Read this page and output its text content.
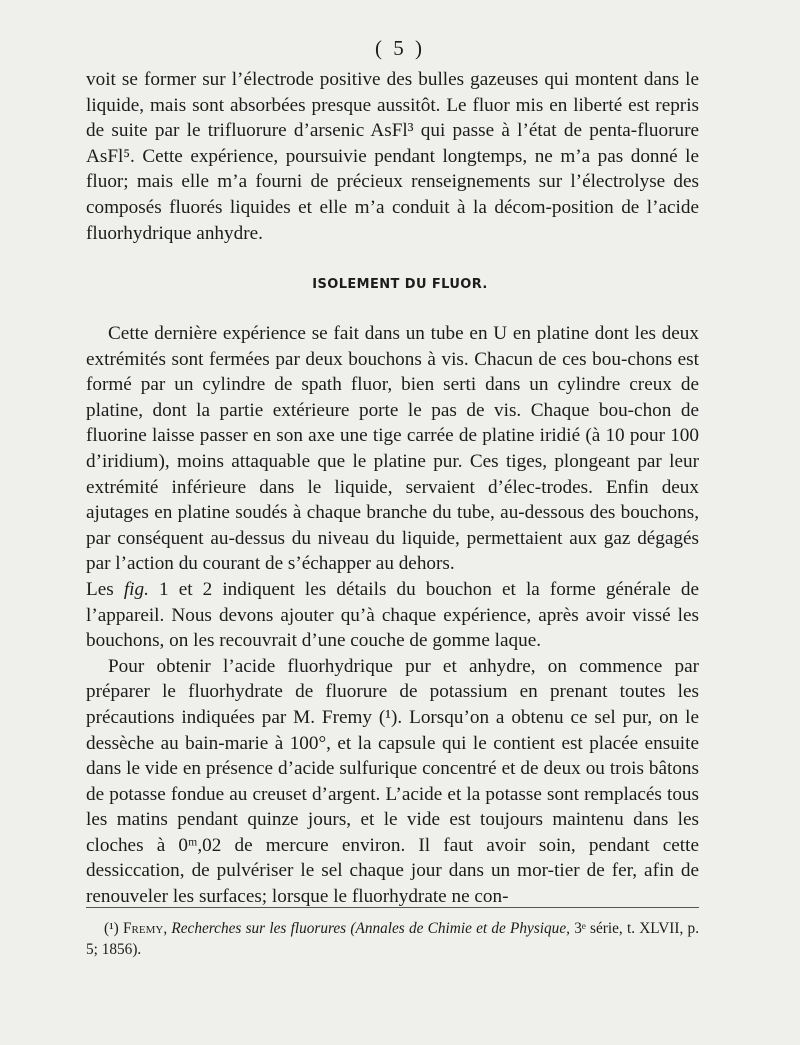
( 5 )

voit se former sur l’électrode positive des bulles gazeuses qui montent dans le liquide, mais sont absorbées presque aussitôt. Le fluor mis en liberté est repris de suite par le trifluorure d’arsenic AsFl³ qui passe à l’état de penta-fluorure AsFl⁵. Cette expérience, poursuivie pendant longtemps, ne m’a pas donné le fluor; mais elle m’a fourni de précieux renseignements sur l’électrolyse des composés fluorés liquides et elle m’a conduit à la décom-position de l’acide fluorhydrique anhydre.

ISOLEMENT DU FLUOR.

Cette dernière expérience se fait dans un tube en U en platine dont les deux extrémités sont fermées par deux bouchons à vis. Chacun de ces bou-chons est formé par un cylindre de spath fluor, bien serti dans un cylindre creux de platine, dont la partie extérieure porte le pas de vis. Chaque bou-chon de fluorine laisse passer en son axe une tige carrée de platine iridié (à 10 pour 100 d’iridium), moins attaquable que le platine pur. Ces tiges, plongeant par leur extrémité inférieure dans le liquide, servaient d’élec-trodes. Enfin deux ajutages en platine soudés à chaque branche du tube, au-dessous des bouchons, par conséquent au-dessus du niveau du liquide, permettaient aux gaz dégagés par l’action du courant de s’échapper au dehors.

Les fig. 1 et 2 indiquent les détails du bouchon et la forme générale de l’appareil. Nous devons ajouter qu’à chaque expérience, après avoir vissé les bouchons, on les recouvrait d’une couche de gomme laque.

Pour obtenir l’acide fluorhydrique pur et anhydre, on commence par préparer le fluorhydrate de fluorure de potassium en prenant toutes les précautions indiquées par M. Fremy (¹). Lorsqu’on a obtenu ce sel pur, on le dessèche au bain-marie à 100°, et la capsule qui le contient est placée ensuite dans le vide en présence d’acide sulfurique concentré et de deux ou trois bâtons de potasse fondue au creuset d’argent. L’acide et la potasse sont remplacés tous les matins pendant quinze jours, et le vide est toujours maintenu dans les cloches à 0ᵐ,02 de mercure environ. Il faut avoir soin, pendant cette dessiccation, de pulvériser le sel chaque jour dans un mor-tier de fer, afin de renouveler les surfaces; lorsque le fluorhydrate ne con-

(¹) Fremy, Recherches sur les fluorures (Annales de Chimie et de Physique, 3ᵉ série, t. XLVII, p. 5; 1856).
